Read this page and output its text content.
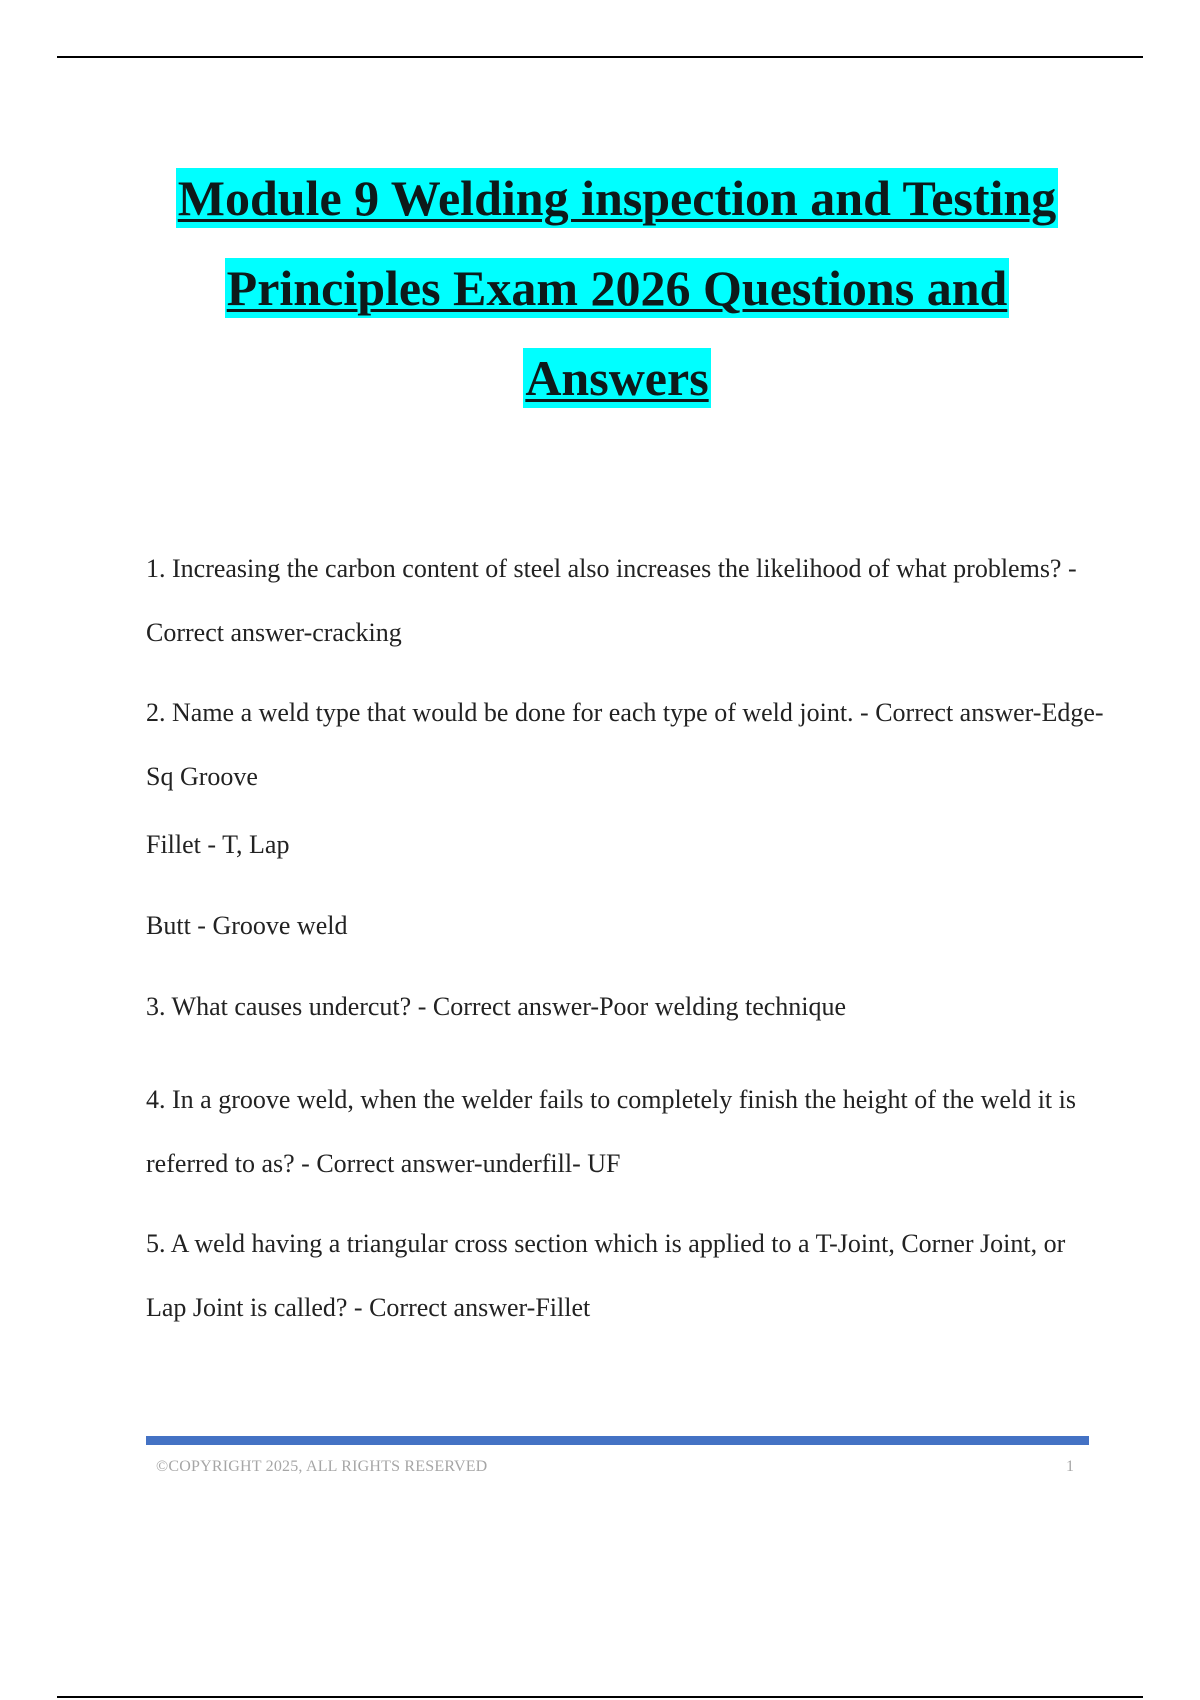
Module 9 Welding inspection and Testing
Principles Exam 2026 Questions and
Answers

1. Increasing the carbon content of steel also increases the likelihood of what problems? - Correct answer-cracking

2. Name a weld type that would be done for each type of weld joint. - Correct answer-Edge-Sq Groove

Fillet - T, Lap

Butt - Groove weld

3. What causes undercut? - Correct answer-Poor welding technique

4. In a groove weld, when the welder fails to completely finish the height of the weld it is referred to as? - Correct answer-underfill- UF

5. A weld having a triangular cross section which is applied to a T-Joint, Corner Joint, or Lap Joint is called? - Correct answer-Fillet

©COPYRIGHT 2025, ALL RIGHTS RESERVED	1
